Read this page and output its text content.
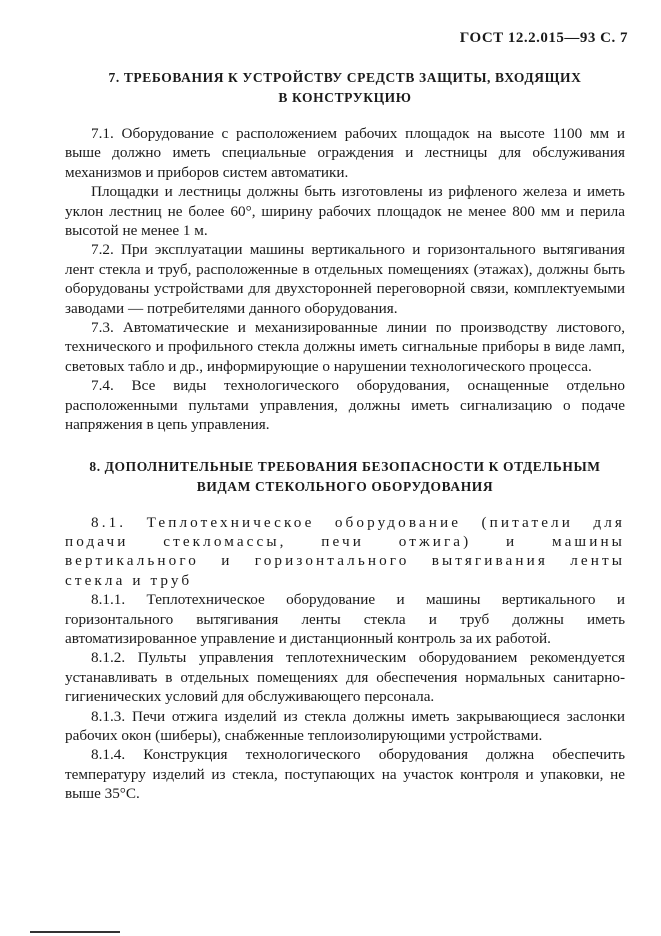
ГОСТ 12.2.015—93 С. 7
7. ТРЕБОВАНИЯ К УСТРОЙСТВУ СРЕДСТВ ЗАЩИТЫ, ВХОДЯЩИХ
В КОНСТРУКЦИЮ

7.1. Оборудование с расположением рабочих площадок на высоте 1100 мм и выше должно иметь специальные ограждения и лестницы для обслуживания механизмов и приборов систем автоматики.

Площадки и лестницы должны быть изготовлены из рифленого железа и иметь уклон лестниц не более 60°, ширину рабочих площадок не менее 800 мм и перила высотой не менее 1 м.

7.2. При эксплуатации машины вертикального и горизонтального вытягивания лент стекла и труб, расположенные в отдельных помещениях (этажах), должны быть оборудованы устройствами для двухсторонней переговорной связи, комплектуемыми заводами — потребителями данного оборудования.

7.3. Автоматические и механизированные линии по производству листового, технического и профильного стекла должны иметь сигнальные приборы в виде ламп, световых табло и др., информирующие о нарушении технологического процесса.

7.4. Все виды технологического оборудования, оснащенные отдельно расположенными пультами управления, должны иметь сигнализацию о подаче напряжения в цепь управления.

8. ДОПОЛНИТЕЛЬНЫЕ ТРЕБОВАНИЯ БЕЗОПАСНОСТИ К ОТДЕЛЬНЫМ
ВИДАМ СТЕКОЛЬНОГО ОБОРУДОВАНИЯ

8.1. Теплотехническое оборудование (питатели для подачи стекломассы, печи отжига) и машины вертикального и горизонтального вытягивания ленты стекла и труб

8.1.1. Теплотехническое оборудование и машины вертикального и горизонтального вытягивания ленты стекла и труб должны иметь автоматизированное управление и дистанционный контроль за их работой.

8.1.2. Пульты управления теплотехническим оборудованием рекомендуется устанавливать в отдельных помещениях для обеспечения нормальных санитарно-гигиенических условий для обслуживающего персонала.

8.1.3. Печи отжига изделий из стекла должны иметь закрывающиеся заслонки рабочих окон (шиберы), снабженные теплоизолирующими устройствами.

8.1.4. Конструкция технологического оборудования должна обеспечить температуру изделий из стекла, поступающих на участок контроля и упаковки, не выше 35°С.
